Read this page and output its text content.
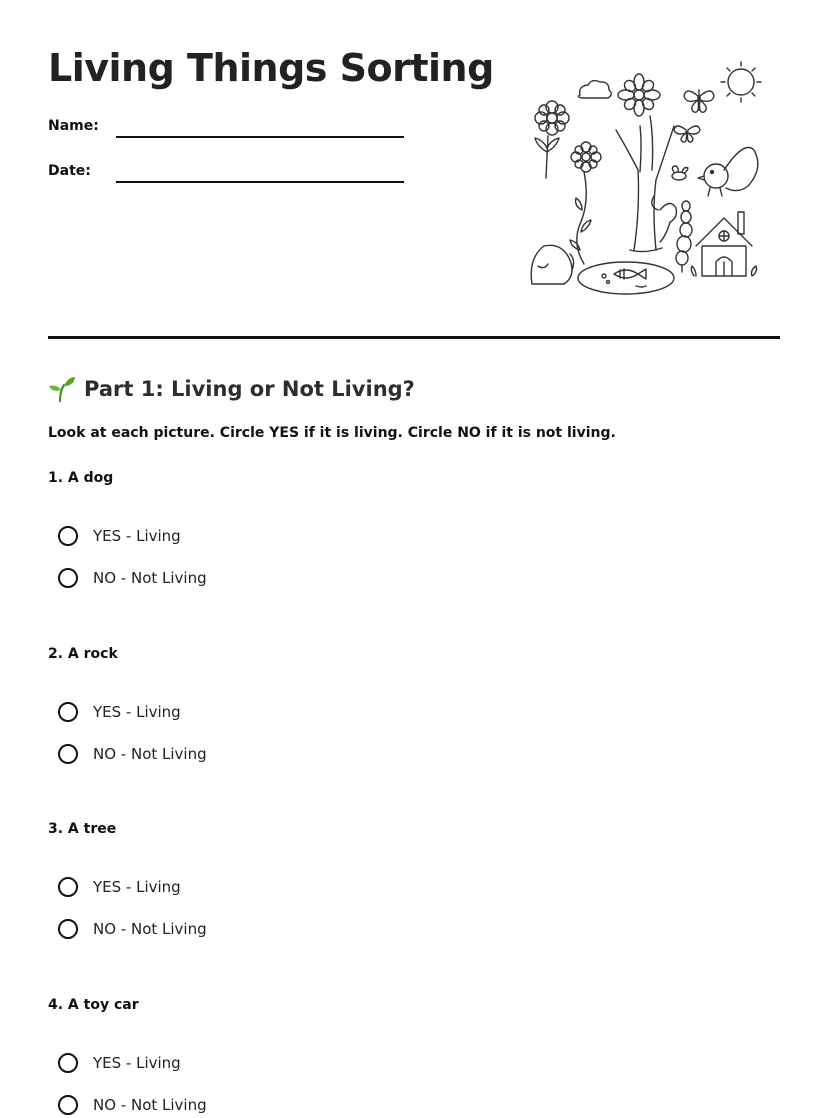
Living Things Sorting
Name:
Date:
Part 1: Living or Not Living?
Look at each picture. Circle YES if it is living. Circle NO if it is not living.
1. A dog
YES - Living
NO - Not Living
2. A rock
YES - Living
NO - Not Living
3. A tree
YES - Living
NO - Not Living
4. A toy car
YES - Living
NO - Not Living
